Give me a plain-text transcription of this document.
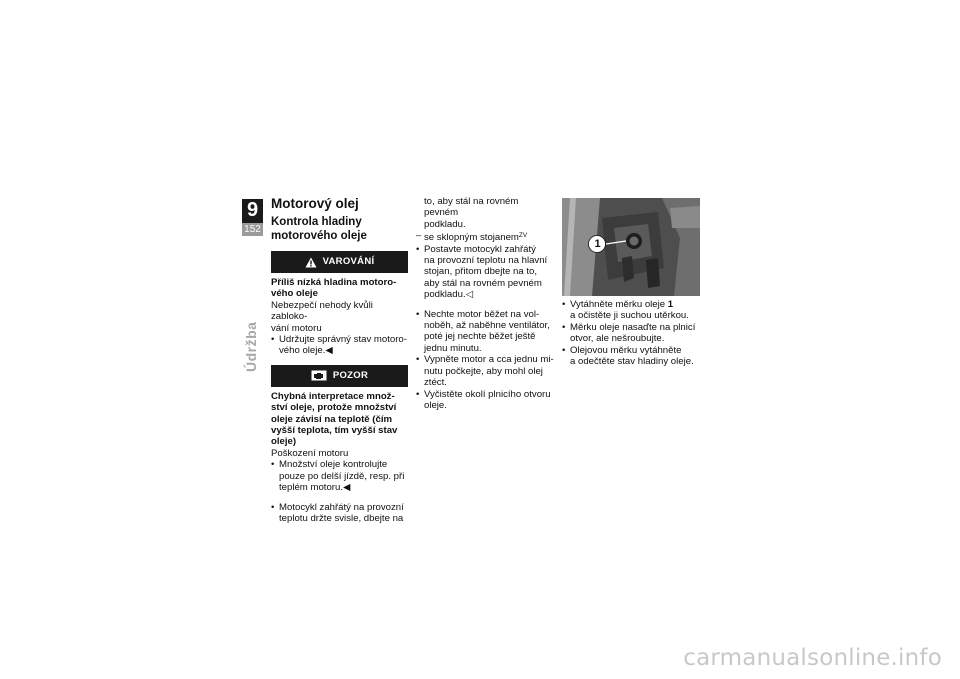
9
152
Údržba
Motorový olej
Kontrola hladiny
motorového oleje
VAROVÁNÍ
Příliš nízká hladina motoro-
vého oleje
Nebezpečí nehody kvůli zabloko-
vání motoru
• Udržujte správný stav motoro-
vého oleje.◀
POZOR
Chybná interpretace množ-
ství oleje, protože množství
oleje závisí na teplotě (čím
vyšší teplota, tím vyšší stav
oleje)
Poškození motoru
• Množství oleje kontrolujte
pouze po delší jízdě, resp. při
teplém motoru.◀
• Motocykl zahřátý na provozní
teplotu držte svisle, dbejte na
to, aby stál na rovném pevném
podkladu.
– se sklopným stojanem$^{ZV}$
• Postavte motocykl zahřátý
na provozní teplotu na hlavní
stojan, přitom dbejte na to,
aby stál na rovném pevném
podkladu.◁
• Nechte motor běžet na vol-
noběh, až naběhne ventilátor,
poté jej nechte běžet ještě
jednu minutu.
• Vypněte motor a cca jednu mi-
nutu počkejte, aby mohl olej
ztéct.
• Vyčistěte okolí plnicího otvoru
oleje.
1
• Vytáhněte měrku oleje 1
a očistěte ji suchou utěrkou.
• Měrku oleje nasaďte na plnicí
otvor, ale nešroubujte.
• Olejovou měrku vytáhněte
a odečtěte stav hladiny oleje.
carmanualsonline.info
